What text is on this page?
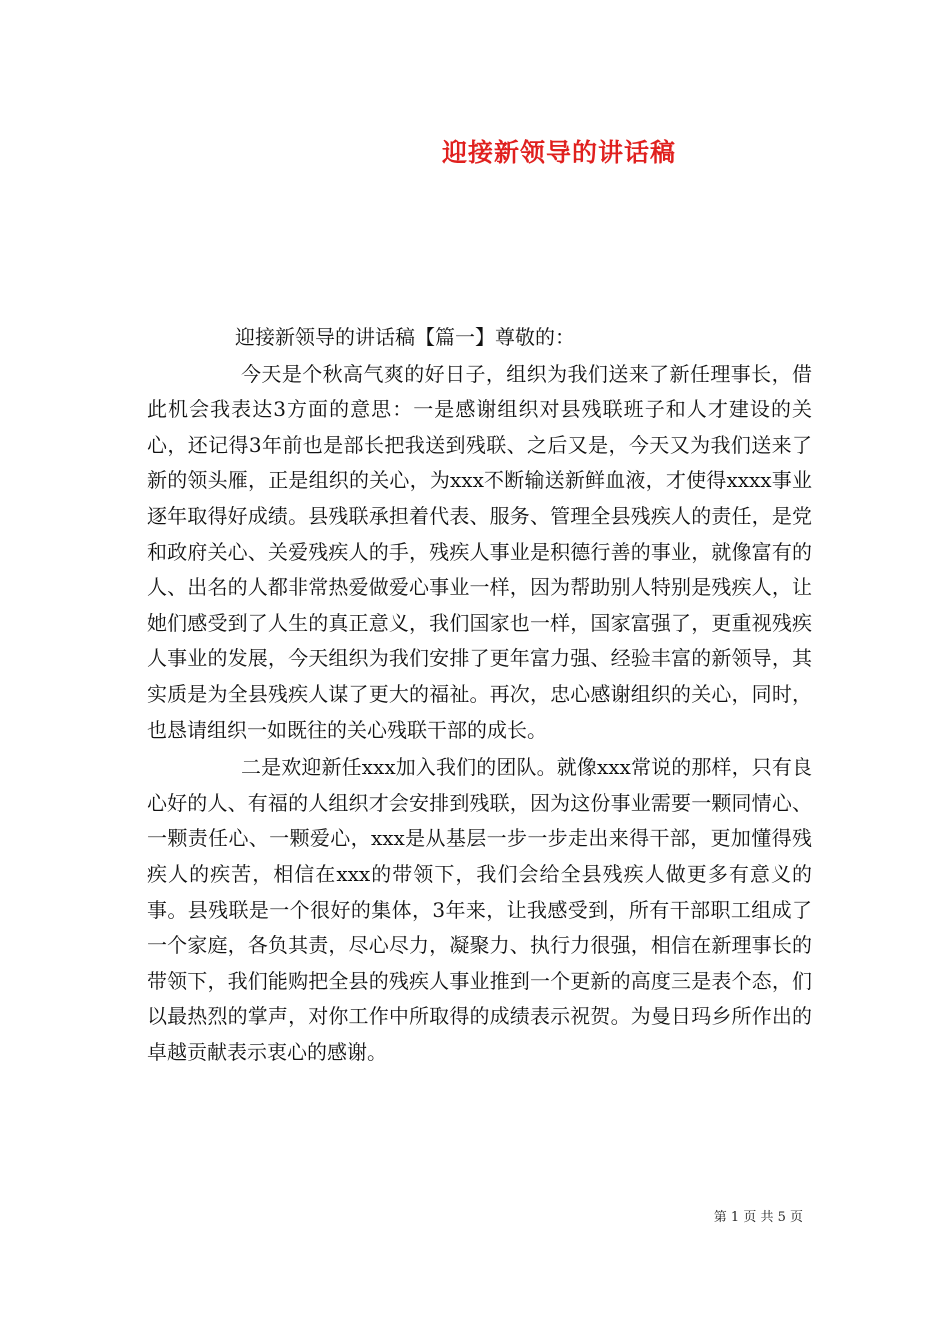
迎接新领导的讲话稿

迎接新领导的讲话稿【篇一】尊敬的：

今天是个秋高气爽的好日子，组织为我们送来了新任理事长，借此机会我表达3方面的意思：一是感谢组织对县残联班子和人才建设的关心，还记得3年前也是部长把我送到残联、之后又是，今天又为我们送来了新的领头雁，正是组织的关心，为xxx不断输送新鲜血液，才使得xxxx事业逐年取得好成绩。县残联承担着代表、服务、管理全县残疾人的责任，是党和政府关心、关爱残疾人的手，残疾人事业是积德行善的事业，就像富有的人、出名的人都非常热爱做爱心事业一样，因为帮助别人特别是残疾人，让她们感受到了人生的真正意义，我们国家也一样，国家富强了，更重视残疾人事业的发展，今天组织为我们安排了更年富力强、经验丰富的新领导，其实质是为全县残疾人谋了更大的福祉。再次，忠心感谢组织的关心，同时，也恳请组织一如既往的关心残联干部的成长。

二是欢迎新任xxx加入我们的团队。就像xxx常说的那样，只有良心好的人、有福的人组织才会安排到残联，因为这份事业需要一颗同情心、一颗责任心、一颗爱心，xxx是从基层一步一步走出来得干部，更加懂得残疾人的疾苦，相信在xxx的带领下，我们会给全县残疾人做更多有意义的事。县残联是一个很好的集体，3年来，让我感受到，所有干部职工组成了一个家庭，各负其责，尽心尽力，凝聚力、执行力很强，相信在新理事长的带领下，我们能购把全县的残疾人事业推到一个更新的高度三是表个态，们以最热烈的掌声，对你工作中所取得的成绩表示祝贺。为曼日玛乡所作出的卓越贡献表示衷心的感谢。

第 1 页 共 5 页
